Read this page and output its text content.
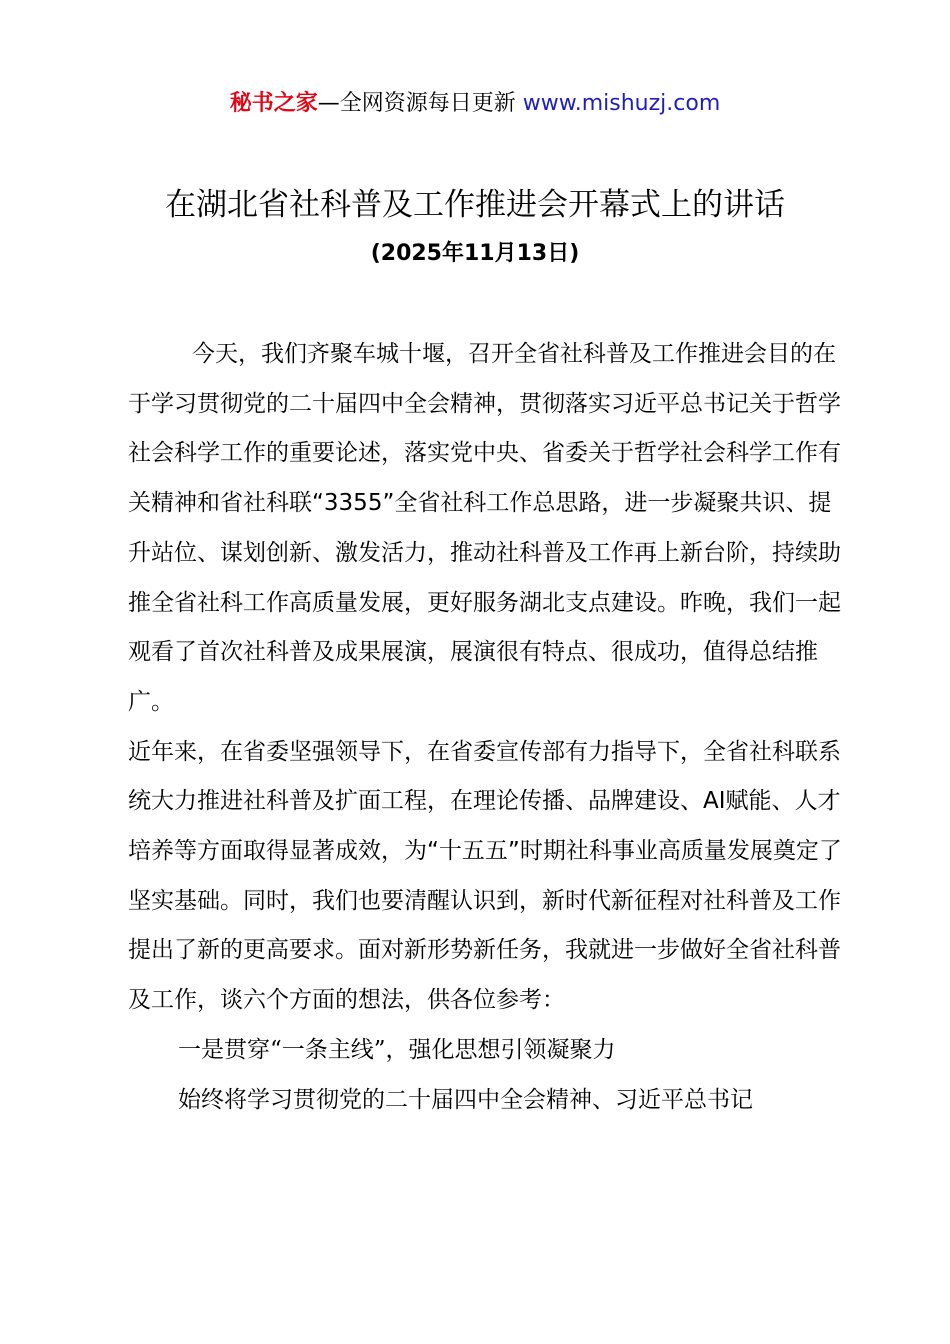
秘书之家—全网资源每日更新 www.mishuzj.com
在湖北省社科普及工作推进会开幕式上的讲话
(2025年11月13日)

今天，我们齐聚车城十堰，召开全省社科普及工作推进会目的在于学习贯彻党的二十届四中全会精神，贯彻落实习近平总书记关于哲学社会科学工作的重要论述，落实党中央、省委关于哲学社会科学工作有关精神和省社科联“3355”全省社科工作总思路，进一步凝聚共识、提升站位、谋划创新、激发活力，推动社科普及工作再上新台阶，持续助推全省社科工作高质量发展，更好服务湖北支点建设。昨晚，我们一起观看了首次社科普及成果展演，展演很有特点、很成功，值得总结推广。

近年来，在省委坚强领导下，在省委宣传部有力指导下，全省社科联系统大力推进社科普及扩面工程，在理论传播、品牌建设、AI赋能、人才培养等方面取得显著成效，为“十五五”时期社科事业高质量发展奠定了坚实基础。同时，我们也要清醒认识到，新时代新征程对社科普及工作提出了新的更高要求。面对新形势新任务，我就进一步做好全省社科普及工作，谈六个方面的想法，供各位参考：

一是贯穿“一条主线”，强化思想引领凝聚力

始终将学习贯彻党的二十届四中全会精神、习近平总书记
